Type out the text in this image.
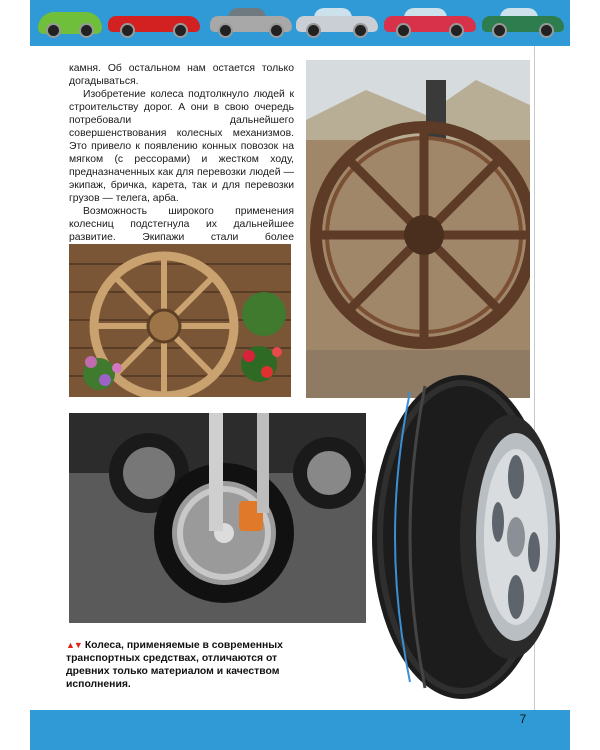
камня. Об остальном нам остается только догадываться.

Изобретение колеса подтолкнуло людей к строительству дорог. А они в свою очередь потребовали дальнейшего совершенствования колесных механизмов. Это привело к появлению конных повозок на мягком (с рессорами) и жестком ходу, предназначенных как для перевозки людей — экипаж, бричка, карета, так и для перевозки грузов — телега, арба.

Возможность широкого применения колесниц подстегнула их дальнейшее развитие. Экипажи стали более

▲▼ Колеса, применяемые в современных транспортных средствах, отличаются от древних только материалом и качеством исполнения.
7
